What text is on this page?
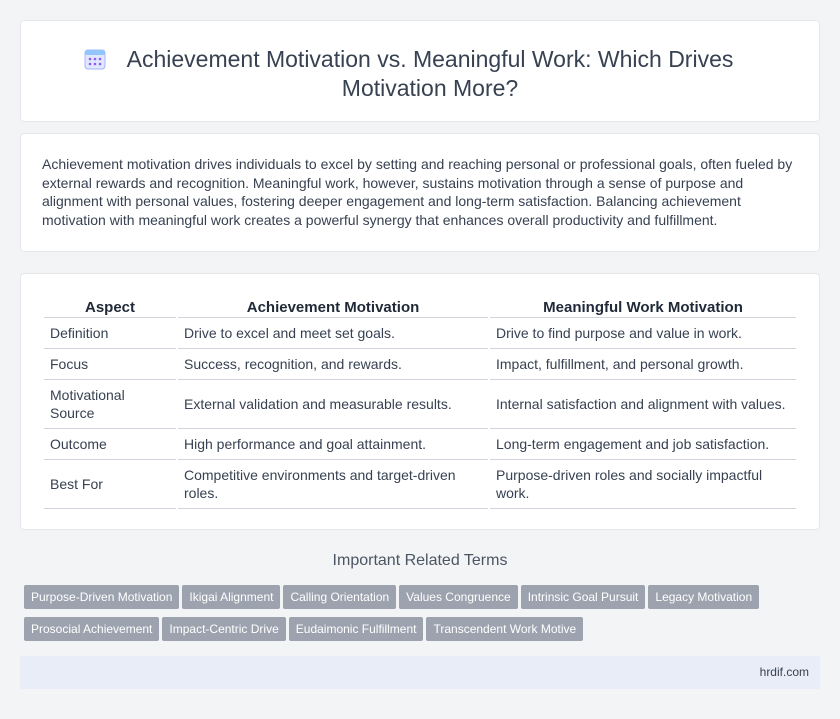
Achievement Motivation vs. Meaningful Work: Which Drives Motivation More?

Achievement motivation drives individuals to excel by setting and reaching personal or professional goals, often fueled by external rewards and recognition. Meaningful work, however, sustains motivation through a sense of purpose and alignment with personal values, fostering deeper engagement and long-term satisfaction. Balancing achievement motivation with meaningful work creates a powerful synergy that enhances overall productivity and fulfillment.

Aspect	Achievement Motivation	Meaningful Work Motivation
Definition	Drive to excel and meet set goals.	Drive to find purpose and value in work.
Focus	Success, recognition, and rewards.	Impact, fulfillment, and personal growth.
Motivational Source	External validation and measurable results.	Internal satisfaction and alignment with values.
Outcome	High performance and goal attainment.	Long-term engagement and job satisfaction.
Best For	Competitive environments and target-driven roles.	Purpose-driven roles and socially impactful work.
Important Related Terms
Purpose-Driven Motivation Ikigai Alignment Calling Orientation Values Congruence Intrinsic Goal Pursuit Legacy MotivationProsocial Achievement Impact-Centric Drive Eudaimonic Fulfillment Transcendent Work Motive
hrdif.com
